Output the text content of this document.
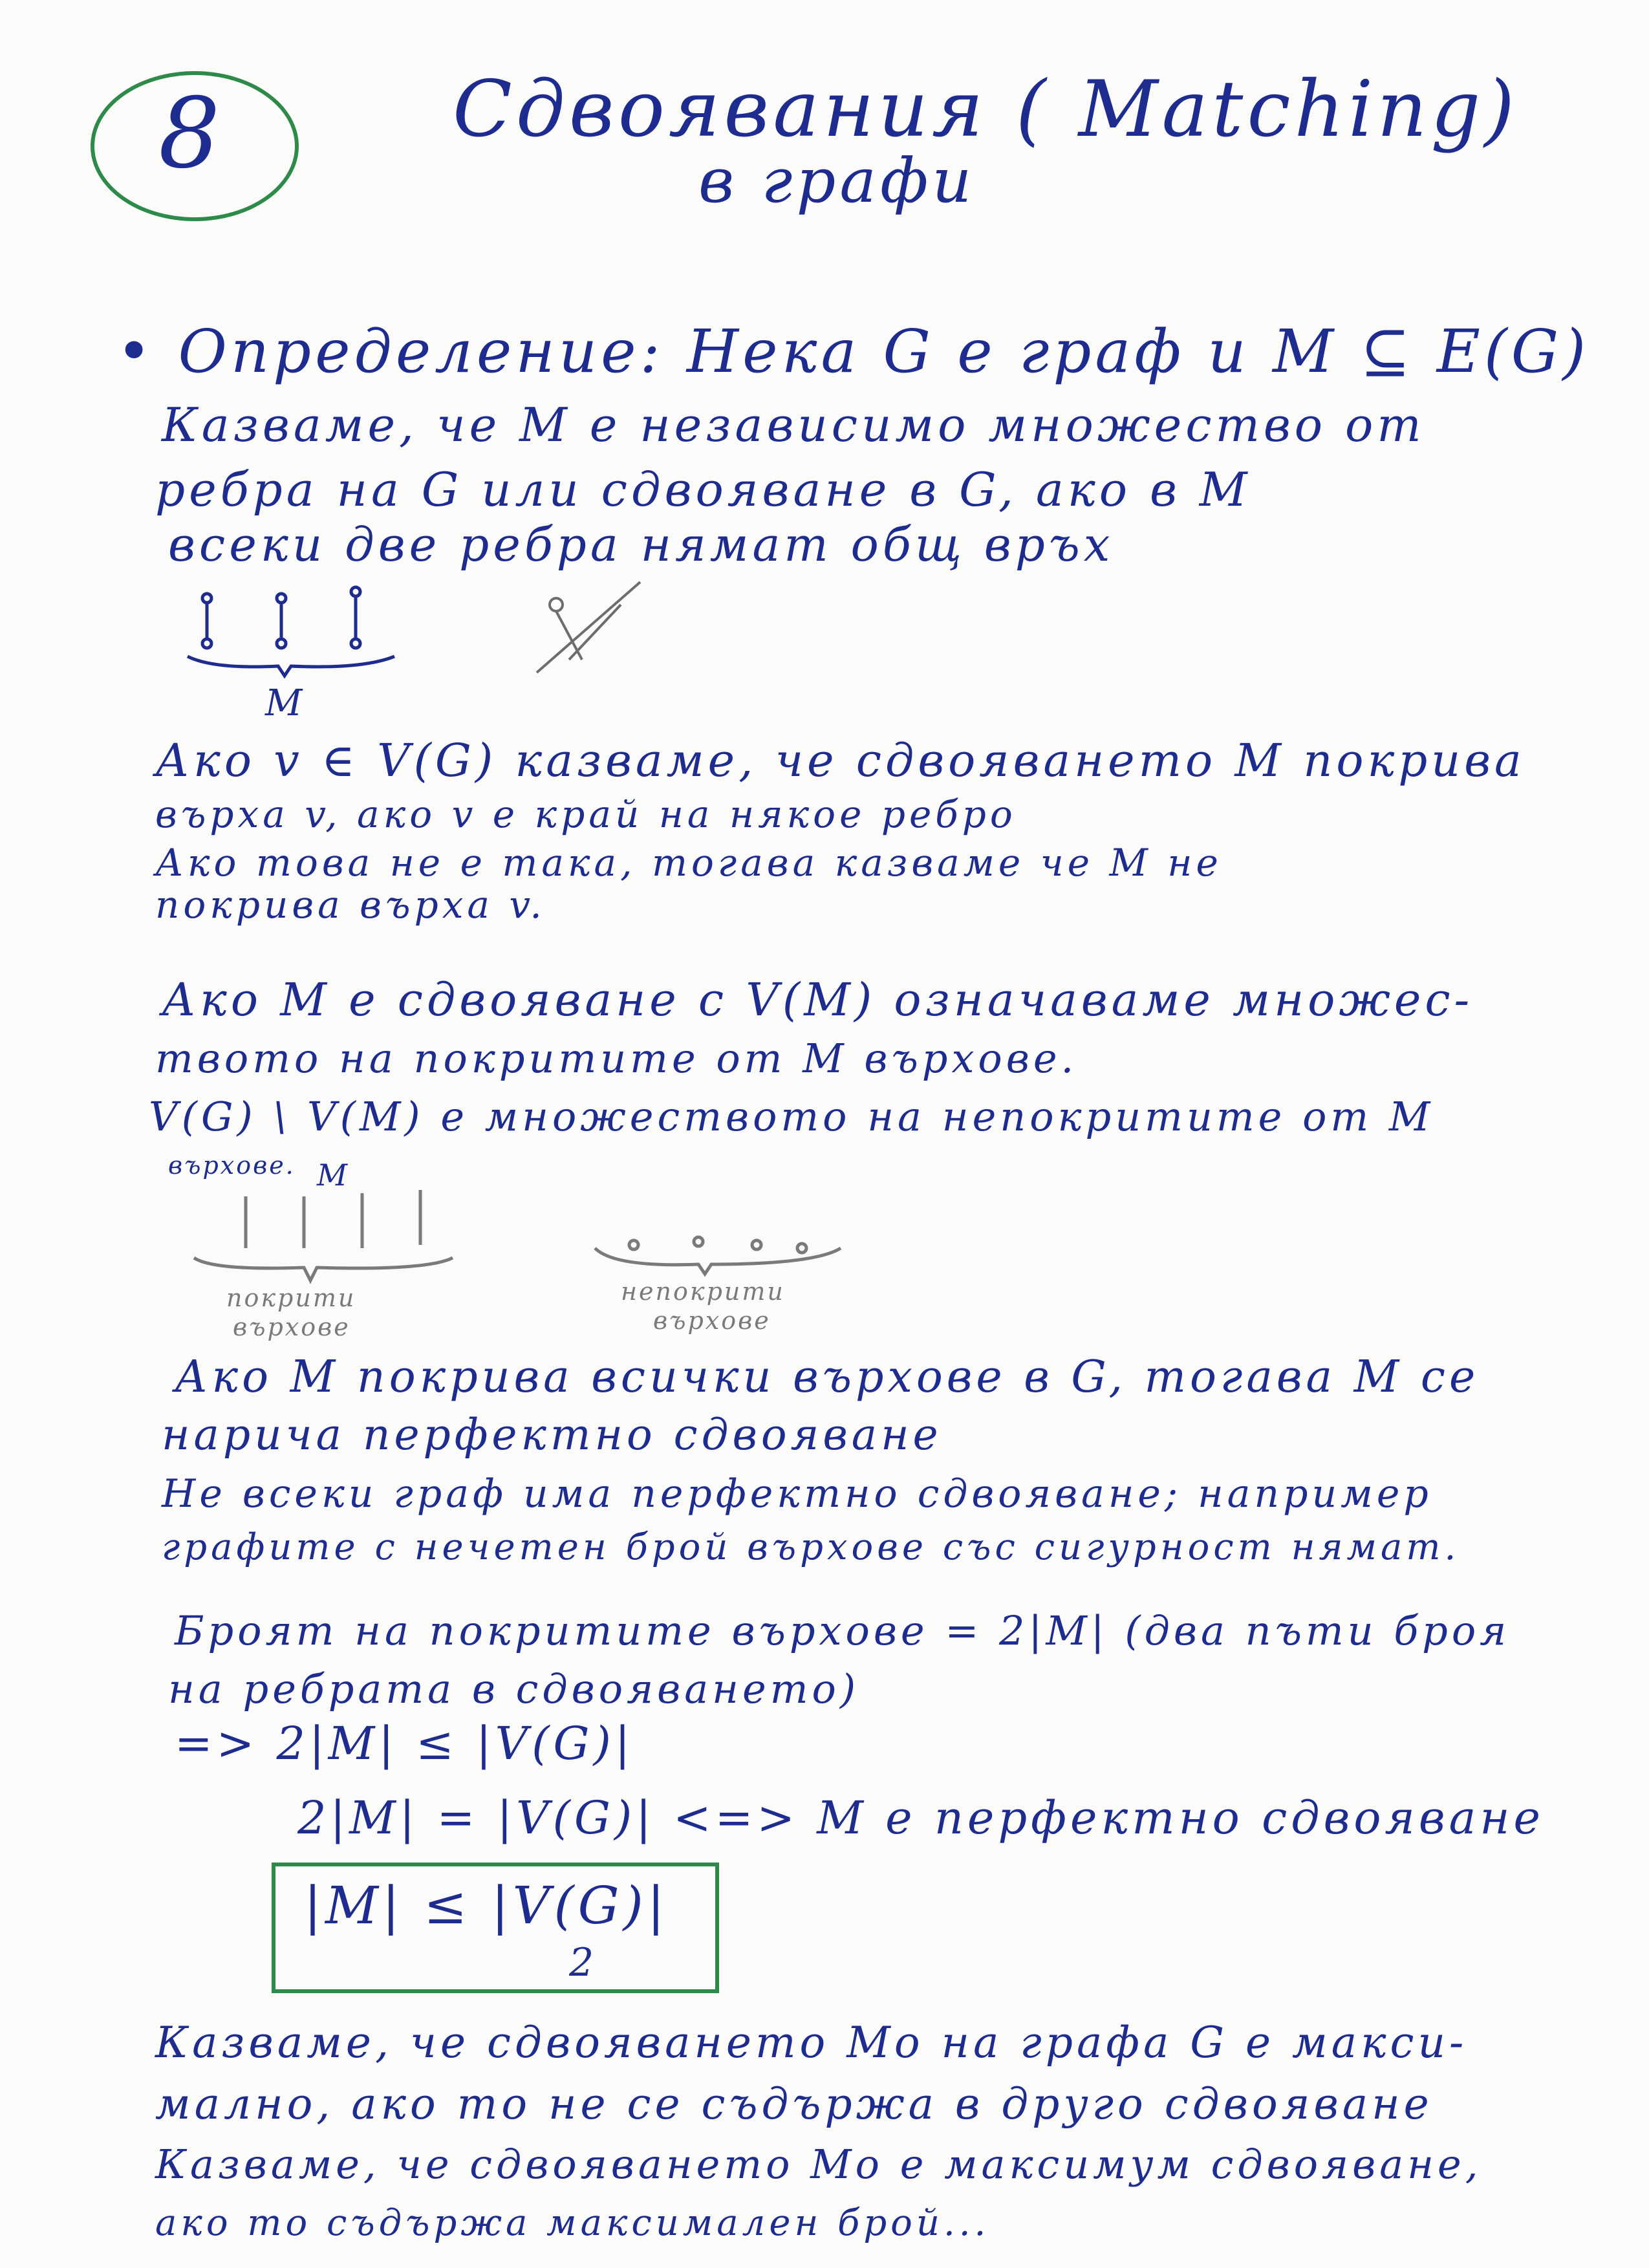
8	Сдвоявания ( Matching)
в графи
• Определение: Нека G е граф и M ⊆ E(G)
Казваме, че M е независимо множество от
ребра на G или сдвояване в G, ако в M
всеки две ребра нямат общ връх
M
Ако v ∈ V(G) казваме, че сдвояването M покрива
върха v, ако v е край на някое ребро
Ако това не е така, тогава казваме че M не
покрива върха v.
Ако M е сдвояване с V(M) означаваме множес-
твото на покритите от M върхове.
V(G) \ V(M) е множеството на непокритите от M
върхове. M
покрити
върхове
непокрити
върхове
Ако M покрива всички върхове в G, тогава M се
нарича перфектно сдвояване
Не всеки граф има перфектно сдвояване; например
графите с нечетен брой върхове със сигурност нямат.
Броят на покритите върхове = 2|M| (два пъти броя
на ребрата в сдвояването)
=> 2|M| ≤ |V(G)|
2|M| = |V(G)| <=> M е перфектно сдвояване
|M| ≤ |V(G)|
2
Казваме, че сдвояването Mo на графа G е макси-
мално, ако то не се съдържа в друго сдвояване
Казваме, че сдвояването Mo е максимум сдвояване,
ако то съдържа максимален брой...
